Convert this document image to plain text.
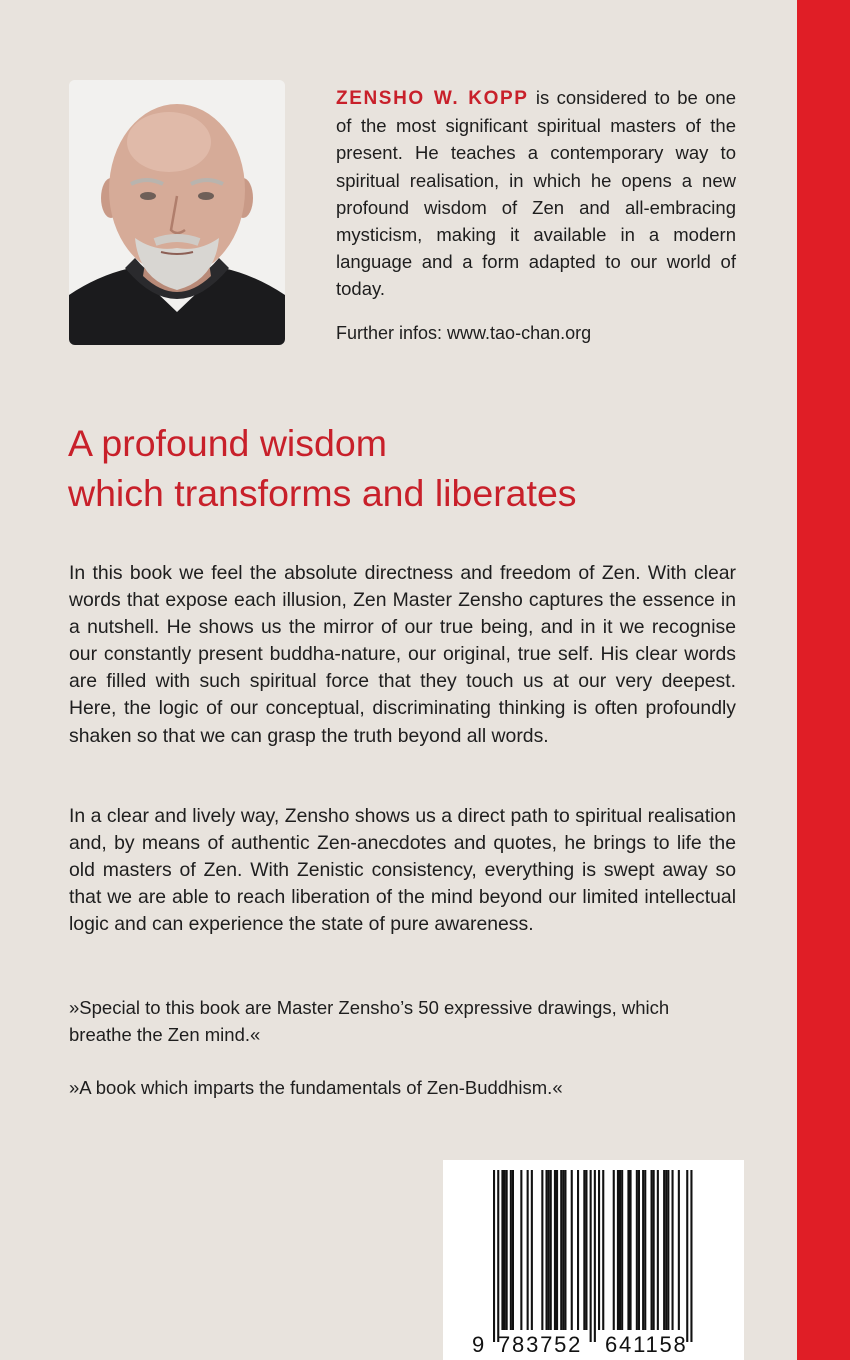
ZENSHO W. KOPP is considered to be one of the most significant spiritual masters of the present. He teaches a contemporary way to spiritual realisation, in which he opens a new profound wisdom of Zen and all-embracing mysticism, making it available in a modern language and a form adapted to our world of today.
Further infos: www.tao-chan.org
A profound wisdom
which transforms and liberates

In this book we feel the absolute directness and freedom of Zen. With clear words that expose each illusion, Zen Master Zensho captures the essence in a nutshell. He shows us the mirror of our true being, and in it we recognise our constantly present buddha-nature, our original, true self. His clear words are filled with such spiritual force that they touch us at our very deepest. Here, the logic of our conceptual, discriminating thinking is often profoundly shaken so that we can grasp the truth beyond all words.

In a clear and lively way, Zensho shows us a direct path to spiritual realisation and, by means of authentic Zen-anecdotes and quotes, he brings to life the old masters of Zen. With Zenistic consistency, everything is swept away so that we are able to reach liberation of the mind beyond our limited intellectual logic and can experience the state of pure awareness.

»Special to this book are Master Zensho’s 50 expressive drawings, which breathe the Zen mind.«

»A book which imparts the fundamentals of Zen-Buddhism.«

9 783752 641158
